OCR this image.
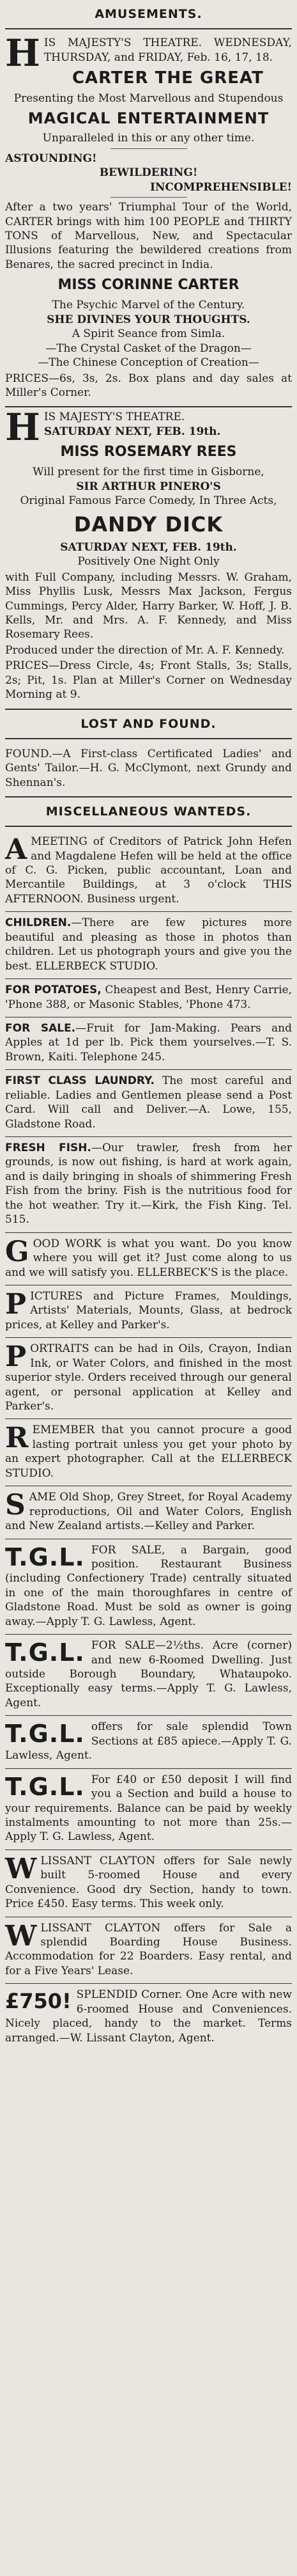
AMUSEMENTS.
H IS MAJESTY'S THEATRE. WEDNESDAY, THURSDAY, and FRIDAY, Feb. 16, 17, 18.
CARTER THE GREAT
Presenting the Most Marvellous and Stupendous
MAGICAL ENTERTAINMENT
Unparalleled in this or any other time.
ASTOUNDING!
BEWILDERING!
INCOMPREHENSIBLE!
After a two years' Triumphal Tour of the World, CARTER brings with him 100 PEOPLE and THIRTY TONS of Marvellous, New, and Spectacular Illusions featuring the bewildered creations from Benares, the sacred precinct in India.
MISS CORINNE CARTER
The Psychic Marvel of the Century.
SHE DIVINES YOUR THOUGHTS.
A Spirit Seance from Simla.
—The Crystal Casket of the Dragon—
—The Chinese Conception of Creation—
PRICES—6s, 3s, 2s. Box plans and day sales at Miller's Corner.
H IS MAJESTY'S THEATRE.
SATURDAY NEXT, FEB. 19th.
MISS ROSEMARY REES
Will present for the first time in Gisborne,
SIR ARTHUR PINERO'S
Original Famous Farce Comedy, In Three Acts,
DANDY DICK
SATURDAY NEXT, FEB. 19th.
Positively One Night Only
with Full Company, including Messrs. W. Graham, Miss Phyllis Lusk, Messrs Max Jackson, Fergus Cummings, Percy Alder, Harry Barker, W. Hoff, J. B. Kells, Mr. and Mrs. A. F. Kennedy, and Miss Rosemary Rees.
Produced under the direction of Mr. A. F. Kennedy.
PRICES—Dress Circle, 4s; Front Stalls, 3s; Stalls, 2s; Pit, 1s. Plan at Miller's Corner on Wednesday Morning at 9.
LOST AND FOUND.
FOUND.—A First-class Certificated Ladies' and Gents' Tailor.—H. G. McClymont, next Grundy and Shennan's.
MISCELLANEOUS WANTEDS.
A MEETING of Creditors of Patrick John Hefen and Magdalene Hefen will be held at the office of C. G. Picken, public accountant, Loan and Mercantile Buildings, at 3 o'clock THIS AFTERNOON. Business urgent.
CHILDREN.—There are few pictures more beautiful and pleasing as those in photos than children. Let us photograph yours and give you the best. ELLERBECK STUDIO.
FOR POTATOES, Cheapest and Best, Henry Carrie, 'Phone 388, or Masonic Stables, 'Phone 473.
FOR SALE.—Fruit for Jam-Making. Pears and Apples at 1d per lb. Pick them yourselves.—T. S. Brown, Kaiti. Telephone 245.
FIRST CLASS LAUNDRY. The most careful and reliable. Ladies and Gentlemen please send a Post Card. Will call and Deliver.—A. Lowe, 155, Gladstone Road.
FRESH FISH.—Our trawler, fresh from her grounds, is now out fishing, is hard at work again, and is daily bringing in shoals of shimmering Fresh Fish from the briny. Fish is the nutritious food for the hot weather. Try it.—Kirk, the Fish King. Tel. 515.
G OOD WORK is what you want. Do you know where you will get it? Just come along to us and we will satisfy you. ELLERBECK'S is the place.
P ICTURES and Picture Frames, Mouldings, Artists' Materials, Mounts, Glass, at bedrock prices, at Kelley and Parker's.
P ORTRAITS can be had in Oils, Crayon, Indian Ink, or Water Colors, and finished in the most superior style. Orders received through our general agent, or personal application at Kelley and Parker's.
R EMEMBER that you cannot procure a good lasting portrait unless you get your photo by an expert photographer. Call at the ELLERBECK STUDIO.
S AME Old Shop, Grey Street, for Royal Academy reproductions, Oil and Water Colors, English and New Zealand artists.—Kelley and Parker.
T.G.L. FOR SALE, a Bargain, good position. Restaurant Business (including Confectionery Trade) centrally situated in one of the main thoroughfares in centre of Gladstone Road. Must be sold as owner is going away.—Apply T. G. Lawless, Agent.
T.G.L. FOR SALE—2½ths. Acre (corner) and new 6-Roomed Dwelling. Just outside Borough Boundary, Whataupoko. Exceptionally easy terms.—Apply T. G. Lawless, Agent.
T.G.L. offers for sale splendid Town Sections at £85 apiece.—Apply T. G. Lawless, Agent.
T.G.L. For £40 or £50 deposit I will find you a Section and build a house to your requirements. Balance can be paid by weekly instalments amounting to not more than 25s.—Apply T. G. Lawless, Agent.
W LISSANT CLAYTON offers for Sale newly built 5-roomed House and every Convenience. Good dry Section, handy to town. Price £450. Easy terms. This week only.
W LISSANT CLAYTON offers for Sale a splendid Boarding House Business. Accommodation for 22 Boarders. Easy rental, and for a Five Years' Lease.
£750! SPLENDID Corner. One Acre with new 6-roomed House and Conveniences. Nicely placed, handy to the market. Terms arranged.—W. Lissant Clayton, Agent.
